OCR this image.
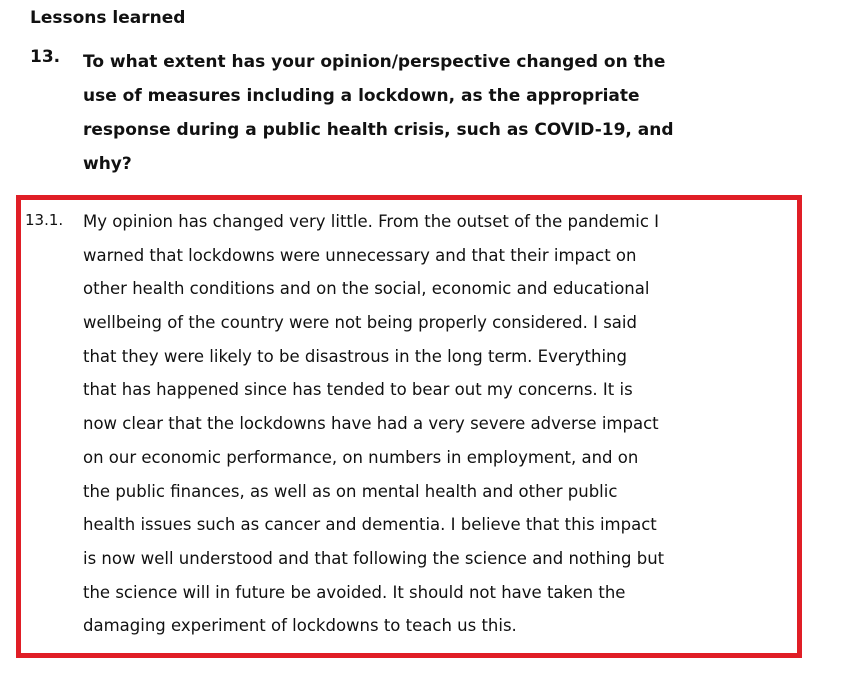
Lessons learned
13. To what extent has your opinion/perspective changed on the
use of measures including a lockdown, as the appropriate
response during a public health crisis, such as COVID-19, and
why?
13.1. My opinion has changed very little. From the outset of the pandemic I
warned that lockdowns were unnecessary and that their impact on
other health conditions and on the social, economic and educational
wellbeing of the country were not being properly considered. I said
that they were likely to be disastrous in the long term. Everything
that has happened since has tended to bear out my concerns. It is
now clear that the lockdowns have had a very severe adverse impact
on our economic performance, on numbers in employment, and on
the public finances, as well as on mental health and other public
health issues such as cancer and dementia. I believe that this impact
is now well understood and that following the science and nothing but
the science will in future be avoided. It should not have taken the
damaging experiment of lockdowns to teach us this.
